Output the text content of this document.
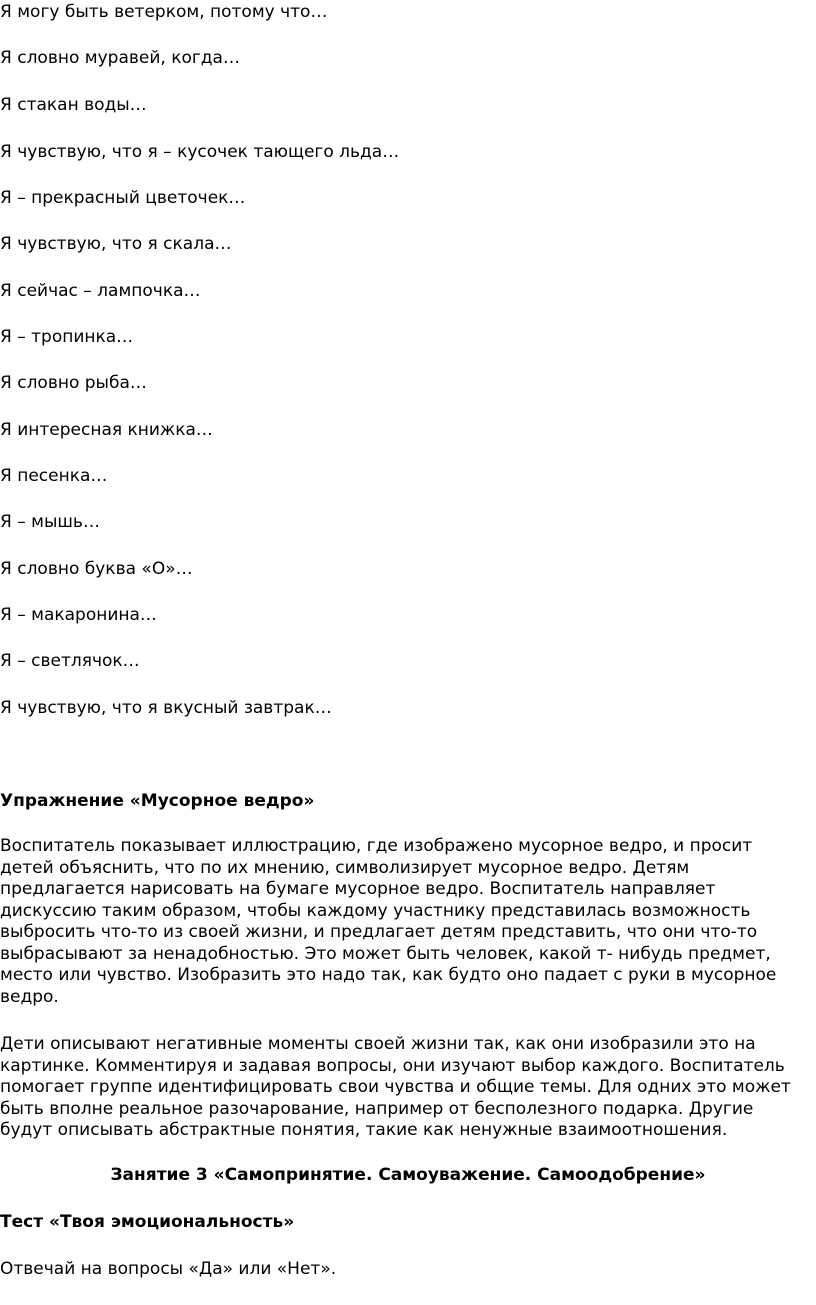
Я могу быть ветерком, потому что…

Я словно муравей, когда…

Я стакан воды…

Я чувствую, что я – кусочек тающего льда…

Я – прекрасный цветочек…

Я чувствую, что я скала…

Я сейчас – лампочка…

Я – тропинка…

Я словно рыба…

Я интересная книжка…

Я песенка…

Я – мышь…

Я словно буква «О»…

Я – макаронина…

Я – светлячок…

Я чувствую, что я вкусный завтрак…

Упражнение «Мусорное ведро»

Воспитатель показывает иллюстрацию, где изображено мусорное ведро, и просит детей объяснить, что по их мнению, символизирует мусорное ведро. Детям предлагается нарисовать на бумаге мусорное ведро. Воспитатель направляет дискуссию таким образом, чтобы каждому участнику представилась возможность выбросить что-то из своей жизни, и предлагает детям представить, что они что-то выбрасывают за ненадобностью. Это может быть человек, какой т- нибудь предмет, место или чувство. Изобразить это надо так, как будто оно падает с руки в мусорное ведро.

Дети описывают негативные моменты своей жизни так, как они изобразили это на картинке. Комментируя и задавая вопросы, они изучают выбор каждого. Воспитатель помогает группе идентифицировать свои чувства и общие темы. Для одних это может быть вполне реальное разочарование, например от бесполезного подарка. Другие будут описывать абстрактные понятия, такие как ненужные взаимоотношения.

Занятие 3 «Самопринятие. Самоуважение. Самоодобрение»
Тест «Твоя эмоциональность»

Отвечай на вопросы «Да» или «Нет».
